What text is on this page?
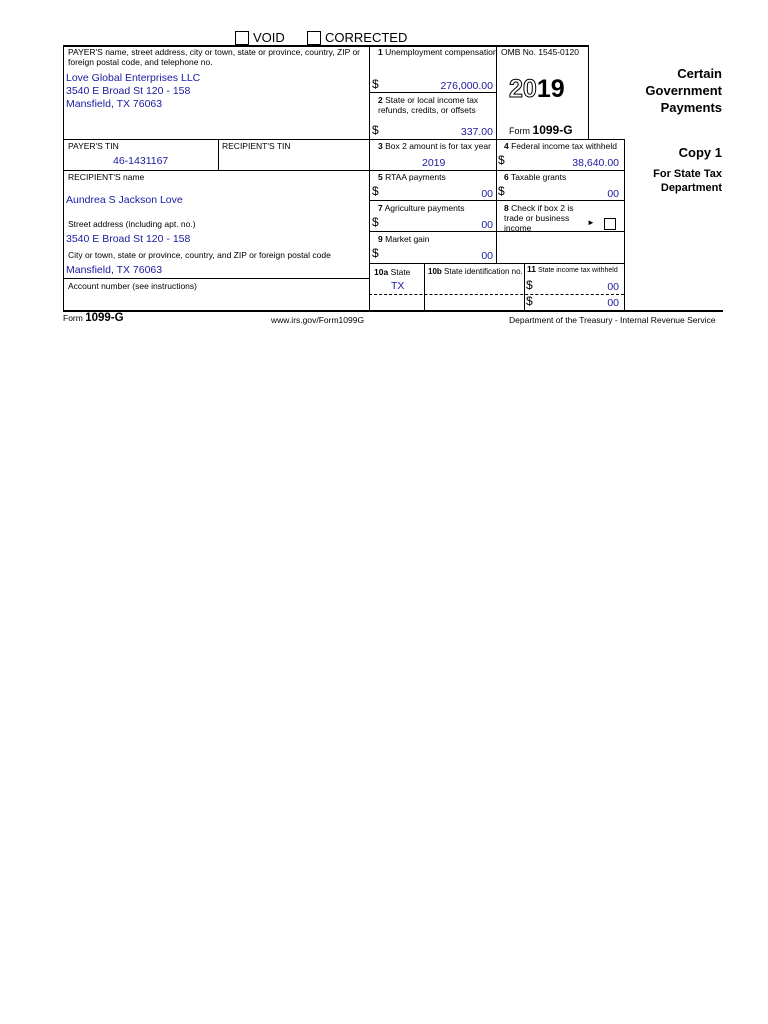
VOID	CORRECTED
PAYER'S name, street address, city or town, state or province, country, ZIP or foreign postal code, and telephone no.
Love Global Enterprises LLC
3540 E Broad St 120 - 158
Mansfield, TX 76063
1 Unemployment compensation
$	276,000.00
OMB No. 1545-0120
2019
Form 1099-G
2 State or local income tax refunds, credits, or offsets
$	337.00
Certain
Government
Payments
Copy 1
For State Tax
Department
PAYER'S TIN
46-1431167
RECIPIENT'S TIN	3 Box 2 amount is for tax year
2019
4 Federal income tax withheld
$	38,640.00
RECIPIENT'S name
Aundrea S Jackson Love
Street address (including apt. no.)
3540 E Broad St 120 - 158
City or town, state or province, country, and ZIP or foreign postal code
Mansfield, TX 76063
Account number (see instructions)
5 RTAA payments
$	00
6 Taxable grants
$	00
7 Agriculture payments
$	00
8 Check if box 2 is trade or business income
►
9 Market gain
$	00
10a State
TX
10b State identification no. 11 State income tax withheld
$	00
$	00
Form 1099-G	www.irs.gov/Form1099G	Department of the Treasury - Internal Revenue Service
